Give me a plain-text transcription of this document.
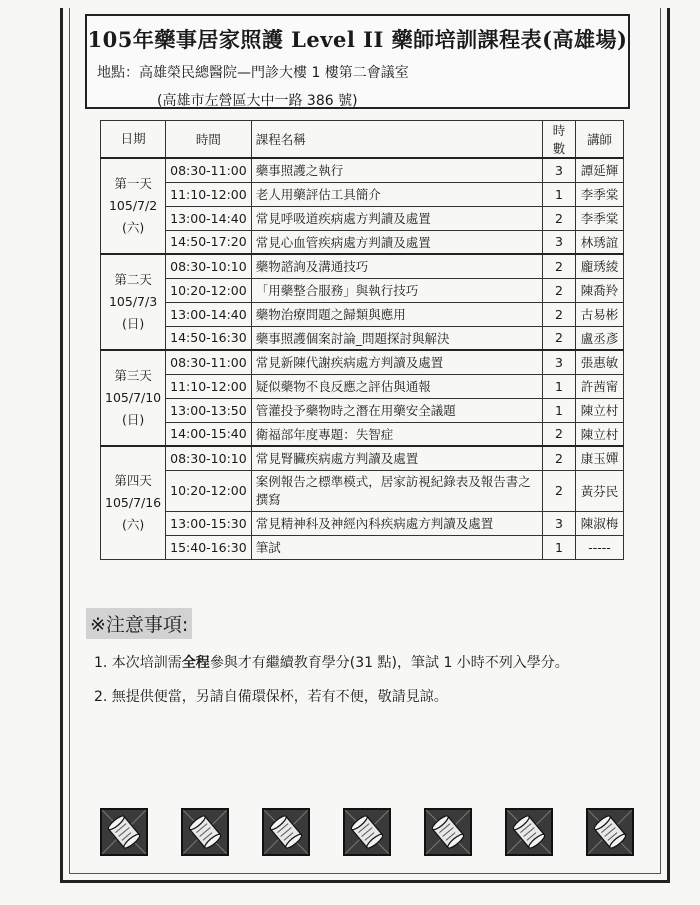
105年藥事居家照護 Level II 藥師培訓課程表(高雄場)
地點：高雄榮民總醫院—門診大樓 1 樓第二會議室
(高雄市左營區大中一路 386 號)
日期	時間	課程名稱	時數	講師

第一天
105/7/2
(六)	08:30-11:00	藥事照護之執行	3	譚延輝
	11:10-12:00	老人用藥評估工具簡介	1	李季棠
	13:00-14:40	常見呼吸道疾病處方判讀及處置	2	李季棠
	14:50-17:20	常見心血管疾病處方判讀及處置	3	林琇誼

第二天
105/7/3
(日)	08:30-10:10	藥物諮詢及溝通技巧	2	龐琇綾
	10:20-12:00	「用藥整合服務」與執行技巧	2	陳喬羚
	13:00-14:40	藥物治療問題之歸類與應用	2	古易彬
	14:50-16:30	藥事照護個案討論_問題探討與解決	2	盧丞彥

第三天
105/7/10
(日)	08:30-11:00	常見新陳代謝疾病處方判讀及處置	3	張惠敏
	11:10-12:00	疑似藥物不良反應之評估與通報	1	許茜甯
	13:00-13:50	管灌投予藥物時之潛在用藥安全議題	1	陳立村
	14:00-15:40	衛福部年度專題：失智症	2	陳立村

第四天
105/7/16
(六)	08:30-10:10	常見腎臟疾病處方判讀及處置	2	康玉嬋
	10:20-12:00	案例報告之標準模式，居家訪視紀錄表及報告書之撰寫	2	黃芬民
	13:00-15:30	常見精神科及神經內科疾病處方判讀及處置	3	陳淑梅
	15:40-16:30	筆試	1	-----
※注意事項:
1. 本次培訓需全程參與才有繼續教育學分(31 點)，筆試 1 小時不列入學分。
2. 無提供便當，另請自備環保杯，若有不便，敬請見諒。
